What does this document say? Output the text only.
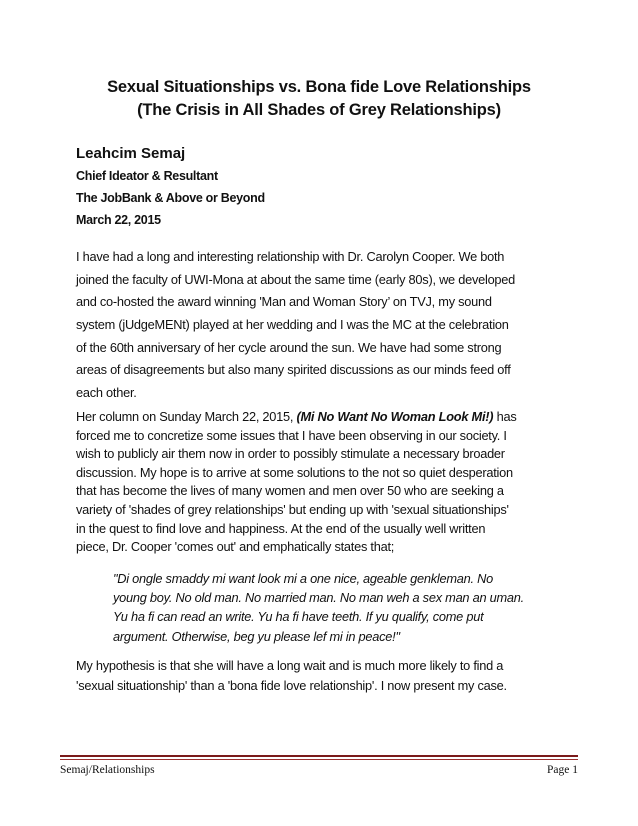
Sexual Situationships vs. Bona fide Love Relationships
(The Crisis in All Shades of Grey Relationships)
Leahcim Semaj
Chief Ideator & Resultant
The JobBank & Above or Beyond
March 22, 2015
I have had a long and interesting relationship with Dr. Carolyn Cooper. We both
joined the faculty of UWI-Mona at about the same time (early 80s), we developed
and co-hosted the award winning 'Man and Woman Story’ on TVJ, my sound
system (jUdgeMENt) played at her wedding and I was the MC at the celebration
of the 60th anniversary of her cycle around the sun. We have had some strong
areas of disagreements but also many spirited discussions as our minds feed off
each other.
Her column on Sunday March 22, 2015, (Mi No Want No Woman Look Mi!) has
forced me to concretize some issues that I have been observing in our society. I
wish to publicly air them now in order to possibly stimulate a necessary broader
discussion. My hope is to arrive at some solutions to the not so quiet desperation
that has become the lives of many women and men over 50 who are seeking a
variety of 'shades of grey relationships' but ending up with 'sexual situationships'
in the quest to find love and happiness. At the end of the usually well written
piece, Dr. Cooper 'comes out' and emphatically states that;
"Di ongle smaddy mi want look mi a one nice, ageable genkleman. No
young boy. No old man. No married man. No man weh a sex man an uman.
Yu ha fi can read an write. Yu ha fi have teeth. If yu qualify, come put
argument. Otherwise, beg yu please lef mi in peace!"
My hypothesis is that she will have a long wait and is much more likely to find a
'sexual situationship' than a 'bona fide love relationship'. I now present my case.
Semaj/Relationships	Page 1
